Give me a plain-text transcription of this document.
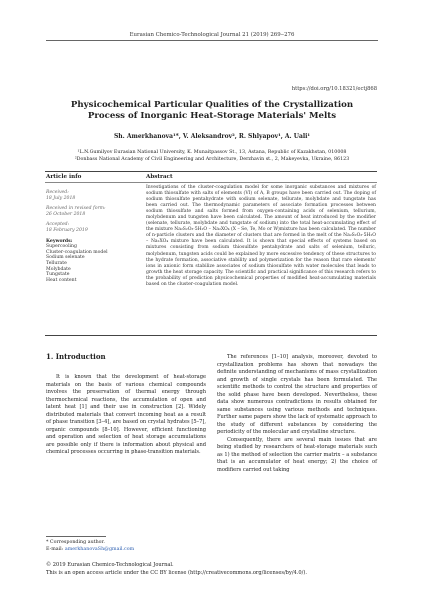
Eurasian Chemico-Technological Journal 21 (2019) 269‒276
https://doi.org/10.18321/ectj868
Physicochemical Particular Qualities of the Crystallization Process of Inorganic Heat-Storage Materials' Melts
Sh. Amerkhanova¹*, V. Aleksandrov², R. Shlyapov¹, A. Uali¹
¹L.N.Gumilyov Eurasian National University, K. Munaitpassov St., 13, Astana, Republic of Kazakhstan, 010008
²Donbass National Academy of Civil Engineering and Architecture, Derzhavin st., 2, Makeyevka, Ukraine, 86123
Article info	Abstract
Received:
18 July 2018
Received in revised form:
26 October 2018
Accepted:
18 February 2019
Keywords:
Supercooling
Cluster-coagulation model
Sodium selenate
Tellurate
Molybdate
Tungstate
Heat content
Investigations of the cluster-coagulation model for some inorganic substances and mixtures of sodium thiosulfate with salts of elements (VI) of A, B groups have been carried out. The doping of sodium thiosulfate pentahydrate with sodium selenate, tellurate, molybdate and tungstate has been carried out. The thermodynamic parameters of associate formation processes between sodium thiosulfate and salts formed from oxygen-containing acids of selenium, tellurium, molybdenum and tungsten have been calculated. The amount of heat introduced by the modifier (selenate, tellurate, molybdate and tungstate of sodium) into the total heat-accumulating effect of the mixture Na₂S₂O₃·5H₂O – Na₂XO₄ (X – Se, Te, Mo or W)mixture has been calculated. The number of n-particle clusters and the diameter of clusters that are formed in the melt of the Na₂S₂O₃·5H₂O – Na₂XO₄ mixture have been calculated. It is shown that special effects of systems based on mixtures consisting from sodium thiosulfate pentahydrate and salts of selenium, telluric, molybdenum, tungsten acids could be explained by more excessive tendency of these structures to the hydrate formation, associative stability and polymerization for the reason that rare elements' ions in anionic form stabilize associates of sodium thiosulfate with water molecules that leads to growth the heat storage capacity. The scientific and practical significance of this research refers to the probability of prediction physicochemical properties of modified heat-accumulating materials based on the cluster-coagulation model.
1. Introduction

It is known that the development of heat-storage materials on the basis of various chemical compounds involves the preservation of thermal energy through thermochemical reactions, the accumulation of open and latent heat [1] and their use in construction [2]. Widely distributed materials that convert incoming heat as a result of phase transition [3–4], are based on crystal hydrates [5–7], organic compounds [8–10]. However, efficient functioning and operation and selection of heat storage accumulations are possible only if there is information about physical and chemical processes occurring in phase-transition materials.

The references [1–10] analysis, moreover, devoted to crystallization problems has shown that nowadays the definite understanding of mechanisms of mass crystallization and growth of single crystals has been formulated. The scientific methods to control the structure and properties of the solid phase have been developed. Nevertheless, these data show numerous contradictions in results obtained for same substances using various methods and techniques. Further same papers show the lack of systematic approach to the study of different substances by considering the periodicity of the molecular and crystalline structure.

Consequently, there are several main issues that are being studied by researchers of heat-storage materials such as 1) the method of selection the carrier matrix – a substance that is an accumulator of heat energy; 2) the choice of modifiers carried out taking

* Corresponding author.
E-mail: amerkhanovaSh@gmail.com
© 2019 Eurasian Chemico-Technological Journal.
This is an open access article under the CC BY license (http://creativecommons.org/licenses/by/4.0/).
